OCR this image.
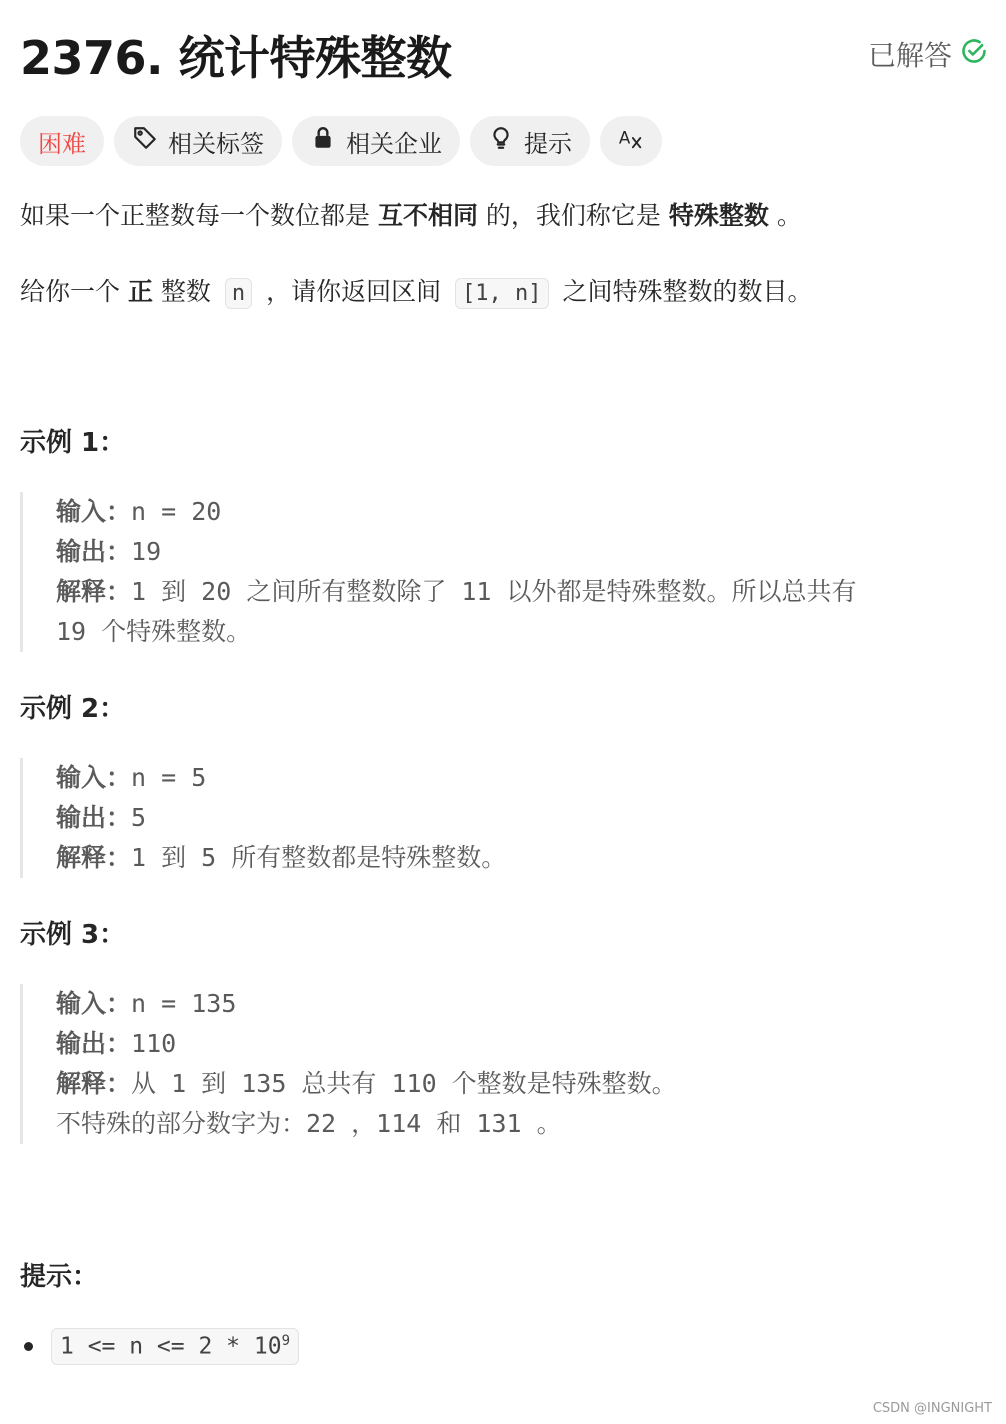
2376. 统计特殊整数	已解答
困难	相关标签	相关企业	提示	A
如果一个正整数每一个数位都是 互不相同 的，我们称它是 特殊整数 。
给你一个 正 整数 n ，请你返回区间 [1, n] 之间特殊整数的数目。
示例 1：
输入：n = 20
输出：19
解释：1 到 20 之间所有整数除了 11 以外都是特殊整数。所以总共有
19 个特殊整数。
示例 2：
输入：n = 5
输出：5
解释：1 到 5 所有整数都是特殊整数。
示例 3：
输入：n = 135
输出：110
解释：从 1 到 135 总共有 110 个整数是特殊整数。
不特殊的部分数字为：22 ，114 和 131 。
提示：
$1 <= n <= 2 * 10^9$
CSDN @INGNIGHT
